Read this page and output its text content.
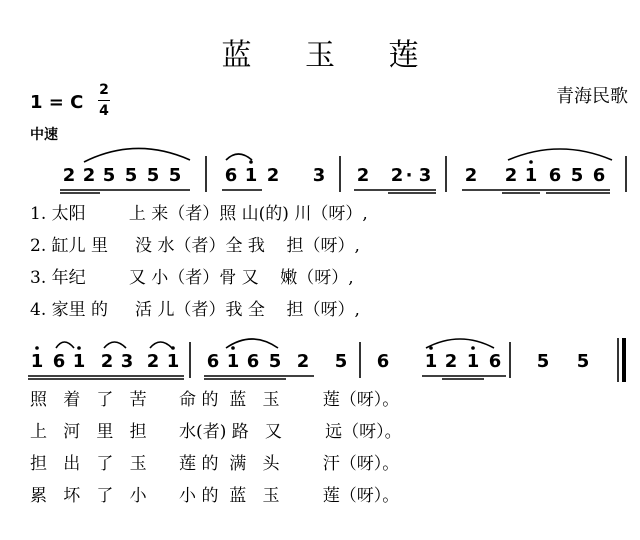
蓝 玉 莲
青海民歌
1 = C
2
4
中速
2 2 5 5 5 5 6 1 2 3 2 2 · 3 2 2 1 6 5 6
1. 太阳        上 来（者）照 山(的) 川（呀）,
2. 缸儿 里     没 水（者）全 我    担（呀）,
3. 年纪        又 小（者）骨 又    嫩（呀）,
4. 家里 的     活 儿（者）我 全    担（呀）,
1 6 1 2 3 2 1 6 1 6 5 2 5 6 1 2 1 6 5 5
照   着   了   苦      命 的  蓝   玉        莲（呀）。
上   河   里   担      水(者) 路   又        远（呀）。
担   出   了   玉      莲 的  满   头        汗（呀）。
累   坏   了   小      小 的  蓝   玉        莲（呀）。
